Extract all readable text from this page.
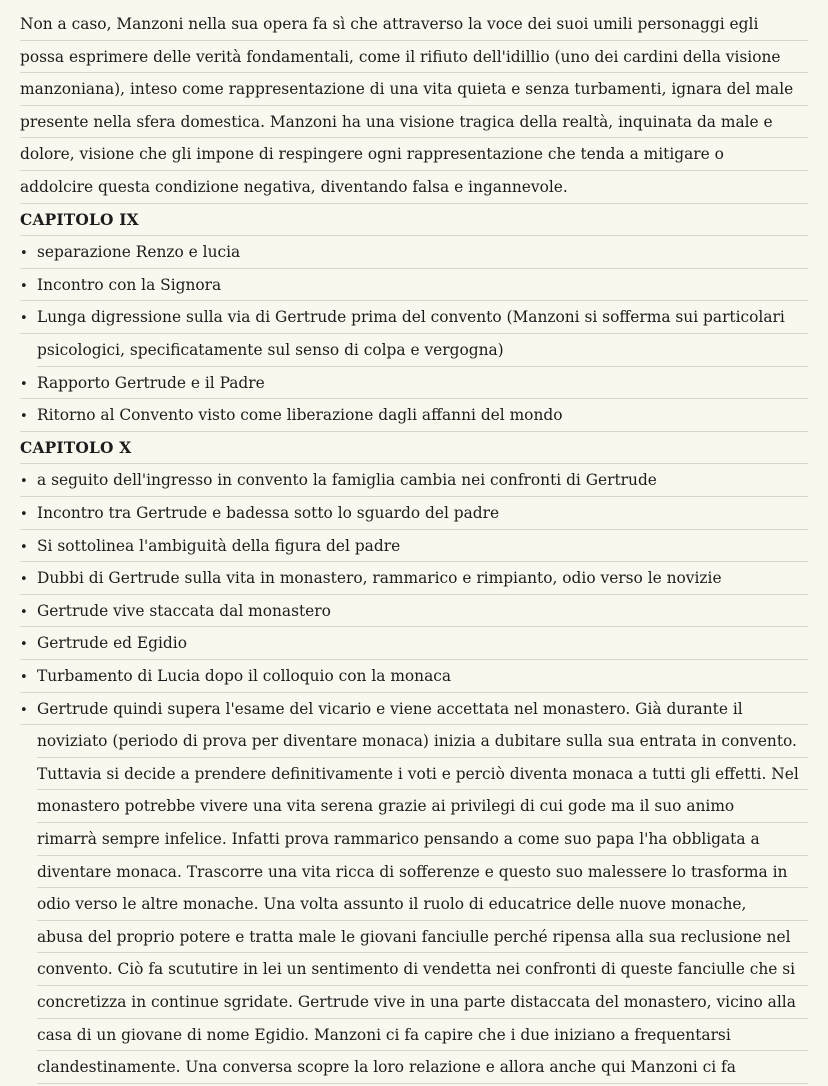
Non a caso, Manzoni nella sua opera fa sì che attraverso la voce dei suoi umili personaggi egli
possa esprimere delle verità fondamentali, come il rifiuto dell'idillio (uno dei cardini della visione
manzoniana), inteso come rappresentazione di una vita quieta e senza turbamenti, ignara del male
presente nella sfera domestica. Manzoni ha una visione tragica della realtà, inquinata da male e
dolore, visione che gli impone di respingere ogni rappresentazione che tenda a mitigare o
addolcire questa condizione negativa, diventando falsa e ingannevole.
CAPITOLO IX
• separazione Renzo e lucia
• Incontro con la Signora
• Lunga digressione sulla via di Gertrude prima del convento (Manzoni si sofferma sui particolari
psicologici, specificatamente sul senso di colpa e vergogna)
• Rapporto Gertrude e il Padre
• Ritorno al Convento visto come liberazione dagli affanni del mondo
CAPITOLO X
• a seguito dell'ingresso in convento la famiglia cambia nei confronti di Gertrude
• Incontro tra Gertrude e badessa sotto lo sguardo del padre
• Si sottolinea l'ambiguità della figura del padre
• Dubbi di Gertrude sulla vita in monastero, rammarico e rimpianto, odio verso le novizie
• Gertrude vive staccata dal monastero
• Gertrude ed Egidio
• Turbamento di Lucia dopo il colloquio con la monaca
• Gertrude quindi supera l'esame del vicario e viene accettata nel monastero. Già durante il
noviziato (periodo di prova per diventare monaca) inizia a dubitare sulla sua entrata in convento.
Tuttavia si decide a prendere definitivamente i voti e perciò diventa monaca a tutti gli effetti. Nel
monastero potrebbe vivere una vita serena grazie ai privilegi di cui gode ma il suo animo
rimarrà sempre infelice. Infatti prova rammarico pensando a come suo papa l'ha obbligata a
diventare monaca. Trascorre una vita ricca di sofferenze e questo suo malessere lo trasforma in
odio verso le altre monache. Una volta assunto il ruolo di educatrice delle nuove monache,
abusa del proprio potere e tratta male le giovani fanciulle perché ripensa alla sua reclusione nel
convento. Ciò fa scututire in lei un sentimento di vendetta nei confronti di queste fanciulle che si
concretizza in continue sgridate. Gertrude vive in una parte distaccata del monastero, vicino alla
casa di un giovane di nome Egidio. Manzoni ci fa capire che i due iniziano a frequentarsi
clandestinamente. Una conversa scopre la loro relazione e allora anche qui Manzoni ci fa
